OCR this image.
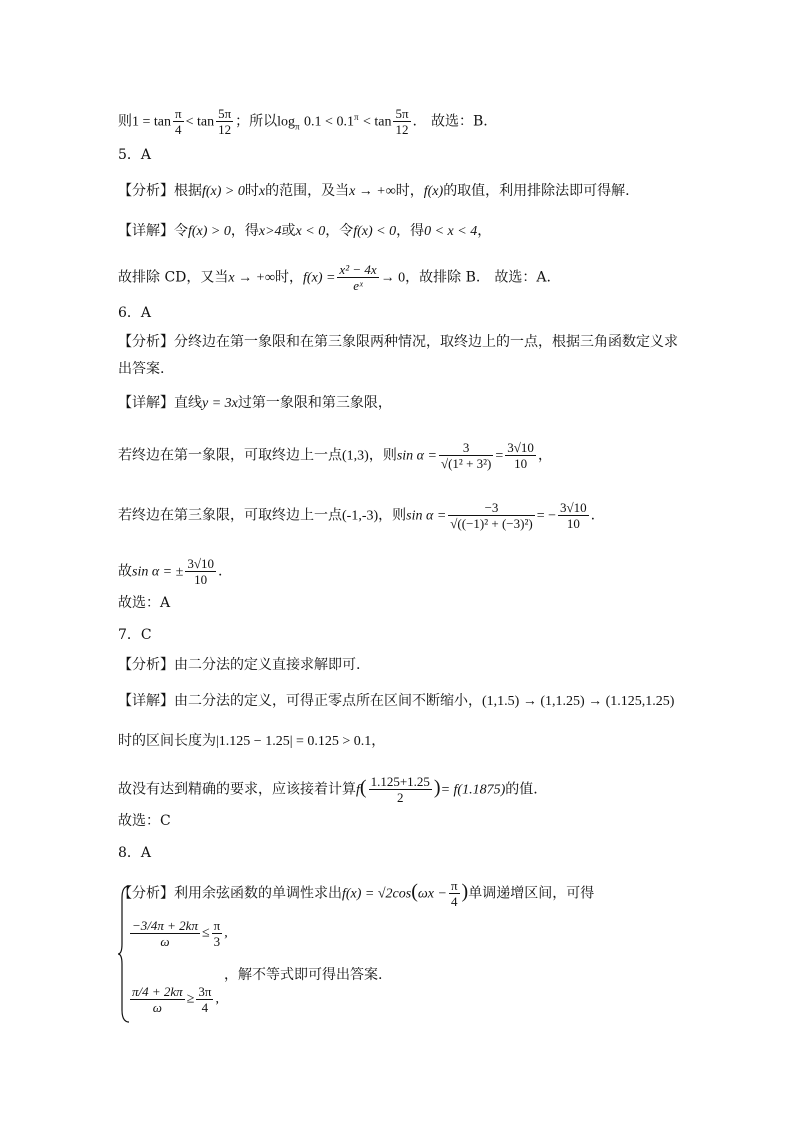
则$1 = \tan \frac{\pi}{4} < \tan \frac{5\pi}{12}$ ；所以$\log_\pi 0.1 < 0.1^\pi < \tan \frac{5\pi}{12}$ .　故选：B.
5．A
【分析】根据f(x) > 0时x的范围，及当x → +∞时，f(x)的取值，利用排除法即可得解.
【详解】令f(x) > 0，得x>4或x < 0，令f(x) < 0，得0 < x < 4，
故排除 CD，又当x → +∞时，$f(x) = \frac{\text{x² − 4x}}{\text{eˣ}} \to 0$，故排除 B.　故选：A.
6．A
【分析】分终边在第一象限和在第三象限两种情况，取终边上的一点，根据三角函数定义求
出答案.
【详解】直线y = 3x过第一象限和第三象限，
若终边在第一象限，可取终边上一点(1,3)，则$\sin \alpha = \frac{3}{\text{√(1² + 3²)}} = \frac{3√10}{10}$ ，
若终边在第三象限，可取终边上一点(-1,-3)，则$\sin \alpha = \frac{-3}{\text{√((−1)² + (−3)²)}}$ = − $\frac{3√10}{10}$ .
故sin α = ± $\frac{3√10}{10}$ .
故选：A
7．C
【分析】由二分法的定义直接求解即可.
【详解】由二分法的定义，可得正零点所在区间不断缩小，(1,1.5) → (1,1.25) → (1.125,1.25)
时的区间长度为|1.125 − 1.25| = 0.125 > 0.1，
故没有达到精确的要求，应该接着计算$f( \frac{1.125+1.25}{2}$ )= f(1.1875)的值.
故选：C
8．A
【分析】利用余弦函数的单调性求出$f(x) = √2\cos(\omega x - \frac{\pi}{4}$ )单调递增区间，可得
$\frac{-3/4\pi + 2k\pi}{\omega} \le \frac{\pi}{3}$ ,
，解不等式即可得出答案.
$\frac{\pi/4 + 2k\pi}{\omega} \ge \frac{3\pi}{4}$ ,
